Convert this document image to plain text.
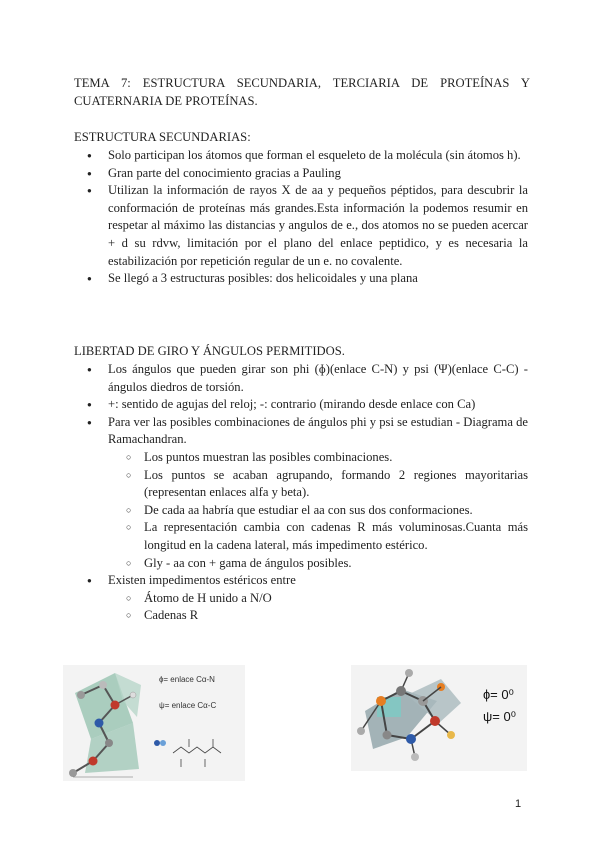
TEMA 7: ESTRUCTURA SECUNDARIA, TERCIARIA DE PROTEÍNAS Y
CUATERNARIA DE PROTEÍNAS.
ESTRUCTURA SECUNDARIAS:
● Solo participan los átomos que forman el esqueleto de la molécula (sin átomos h).
● Gran parte del conocimiento gracias a Pauling
● Utilizan la información de rayos X de aa y pequeños péptidos, para descubrir la conformación de proteínas más grandes.Esta información la podemos resumir en respetar al máximo las distancias y angulos de e., dos atomos no se pueden acercar + d su rdvw, limitación por el plano del enlace peptidico, y es necesaria la estabilización por repetición regular de un e. no covalente.
● Se llegó a 3 estructuras posibles: dos helicoidales y una plana
LIBERTAD DE GIRO Y ÁNGULOS PERMITIDOS.
● Los ángulos que pueden girar son phi (ɸ)(enlace C-N) y psi (Ψ)(enlace C-C) - ángulos diedros de torsión.
● +: sentido de agujas del reloj; -: contrario (mirando desde enlace con Ca)
● Para ver las posibles combinaciones de ángulos phi y psi se estudian - Diagrama de Ramachandran.
○ Los puntos muestran las posibles combinaciones.
○ Los puntos se acaban agrupando, formando 2 regiones mayoritarias (representan enlaces alfa y beta).
○ De cada aa habría que estudiar el aa con sus dos conformaciones.
○ La representación cambia con cadenas R más voluminosas.Cuanta más longitud en la cadena lateral, más impedimento estérico.
○ Gly - aa con + gama de ángulos posibles.
● Existen impedimentos estéricos entre
○ Átomo de H unido a N/O
○ Cadenas R
ɸ= enlace Cα-N
ψ= enlace Cα-C
ɸ= 0⁰
ψ= 0⁰
1
